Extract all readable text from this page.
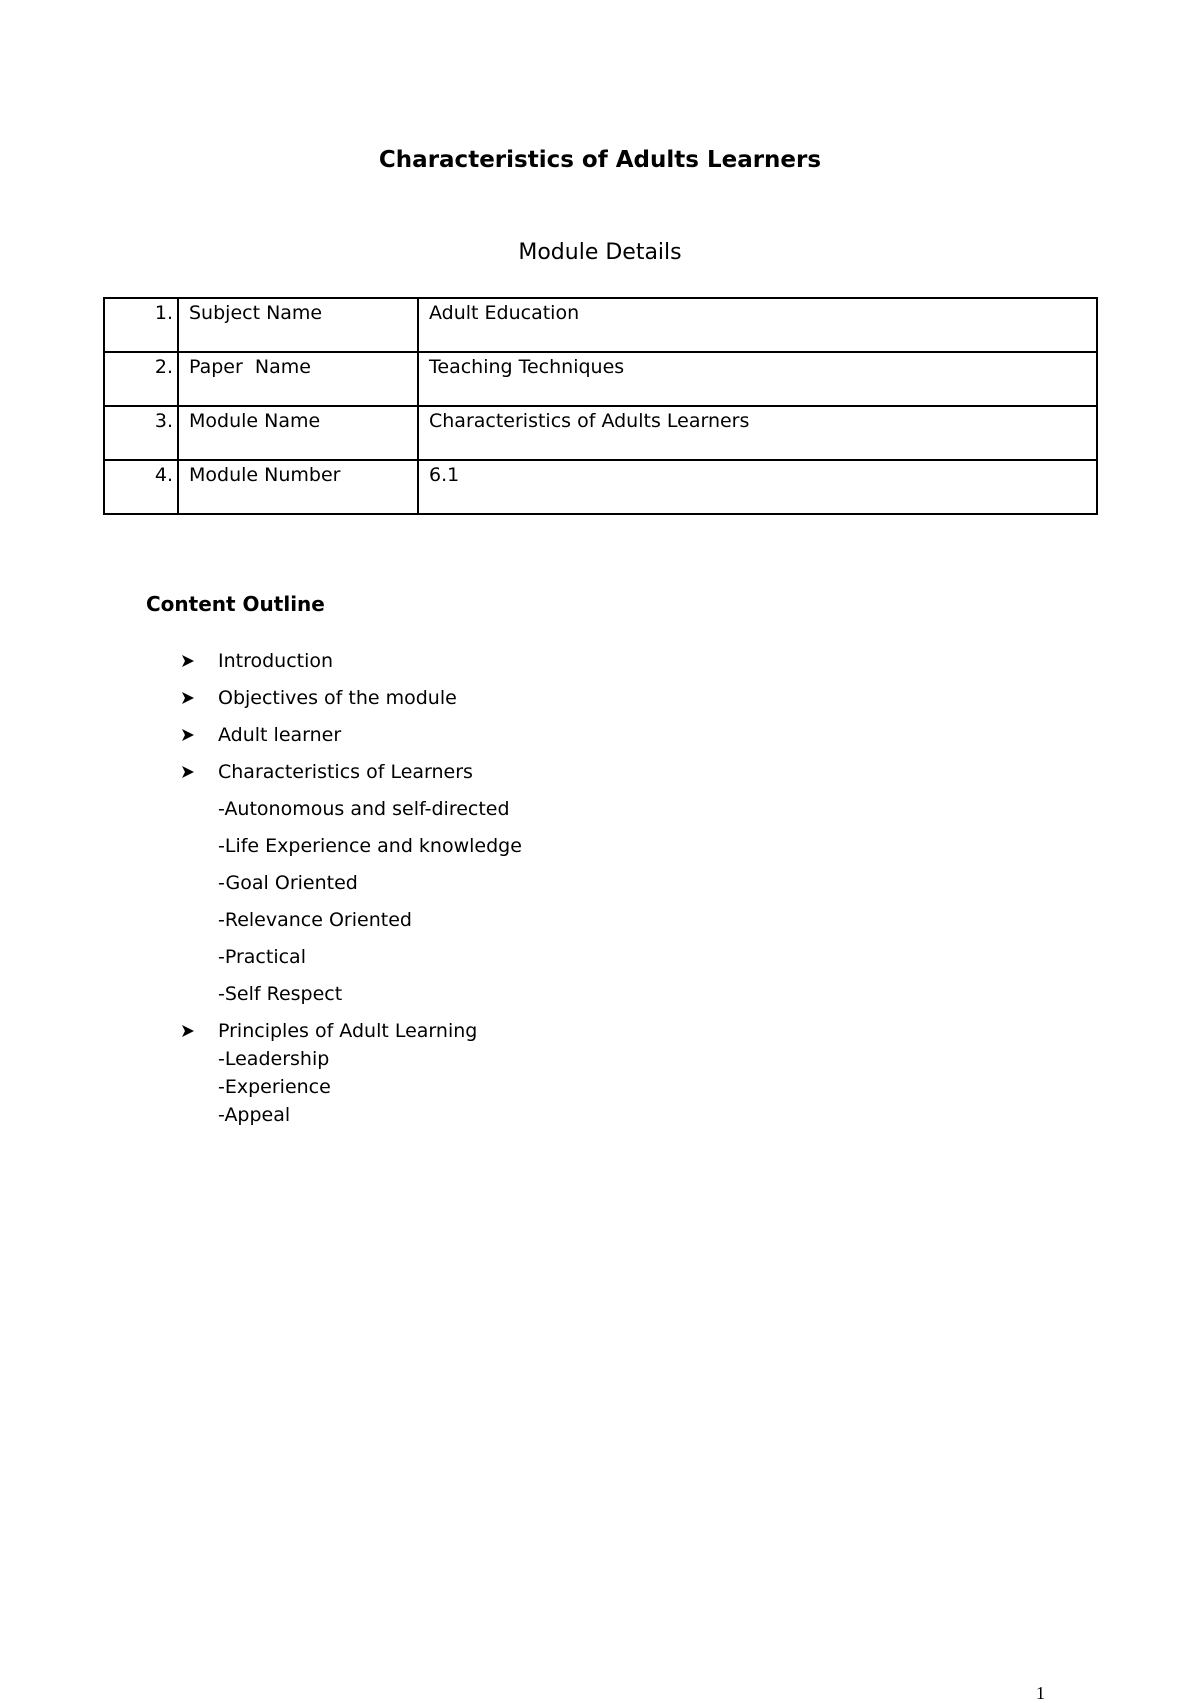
Characteristics of Adults Learners
Module Details
1.	Subject Name	Adult Education
2.	Paper  Name	Teaching Techniques
3.	Module Name	Characteristics of Adults Learners
4.	Module Number	6.1
Content Outline
Introduction
Objectives of the module
Adult learner
Characteristics of Learners
-Autonomous and self-directed
-Life Experience and knowledge
-Goal Oriented
-Relevance Oriented
-Practical
-Self Respect
Principles of Adult Learning
-Leadership
-Experience
-Appeal
1
